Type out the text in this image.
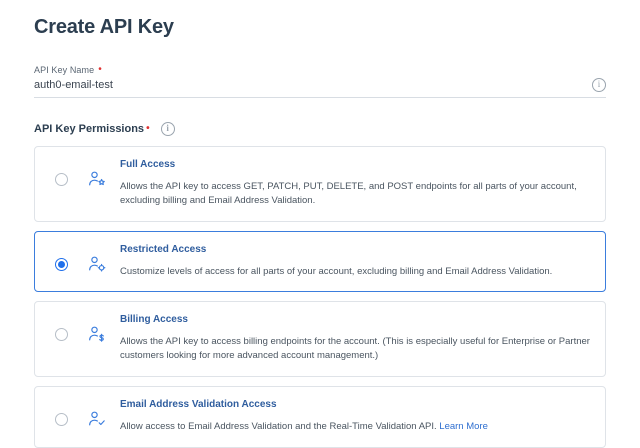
Create API Key
API Key Name •
auth0-email-test
i
API Key Permissions •	i
Full Access
Allows the API key to access GET, PATCH, PUT, DELETE, and POST endpoints for all parts of your account, excluding billing and Email Address Validation.
Restricted Access
Customize levels of access for all parts of your account, excluding billing and Email Address Validation.
Billing Access
Allows the API key to access billing endpoints for the account. (This is especially useful for Enterprise or Partner customers looking for more advanced account management.)
Email Address Validation Access
Allow access to Email Address Validation and the Real-Time Validation API. Learn More
